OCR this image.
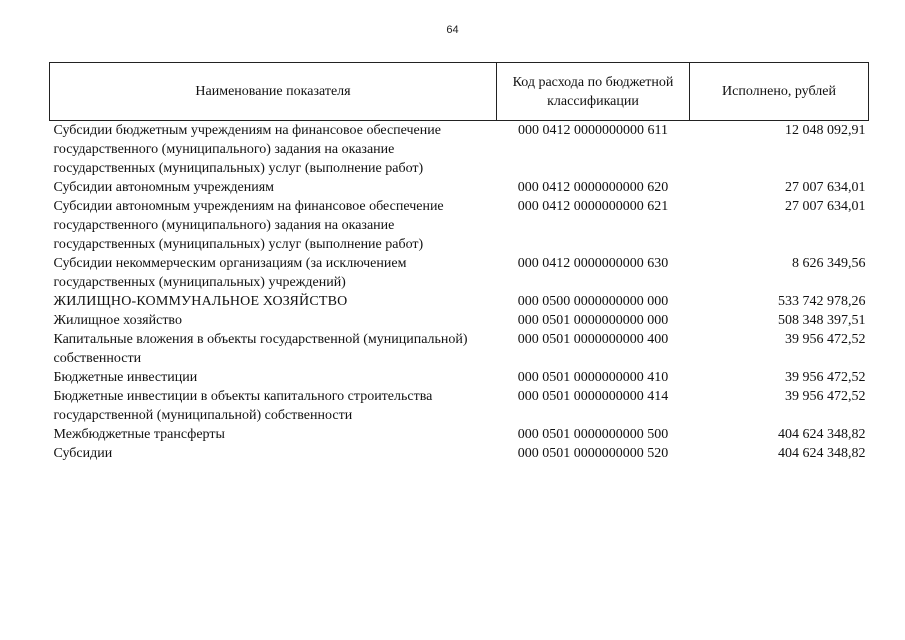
64
Наименование показателя	Код расхода по бюджетной классификации	Исполнено, рублей
Субсидии бюджетным учреждениям на финансовое обеспечение государственного (муниципального) задания на оказание государственных (муниципальных) услуг (выполнение работ)	000 0412 0000000000 611	12 048 092,91
Субсидии автономным учреждениям	000 0412 0000000000 620	27 007 634,01
Субсидии автономным учреждениям на финансовое обеспечение государственного (муниципального) задания на оказание государственных (муниципальных) услуг (выполнение работ)	000 0412 0000000000 621	27 007 634,01
Субсидии некоммерческим организациям (за исключением государственных (муниципальных) учреждений)	000 0412 0000000000 630	8 626 349,56
ЖИЛИЩНО-КОММУНАЛЬНОЕ ХОЗЯЙСТВО	000 0500 0000000000 000	533 742 978,26
Жилищное хозяйство	000 0501 0000000000 000	508 348 397,51
Капитальные вложения в объекты государственной (муниципальной) собственности	000 0501 0000000000 400	39 956 472,52
Бюджетные инвестиции	000 0501 0000000000 410	39 956 472,52
Бюджетные инвестиции в объекты капитального строительства государственной (муниципальной) собственности	000 0501 0000000000 414	39 956 472,52
Межбюджетные трансферты	000 0501 0000000000 500	404 624 348,82
Субсидии	000 0501 0000000000 520	404 624 348,82
